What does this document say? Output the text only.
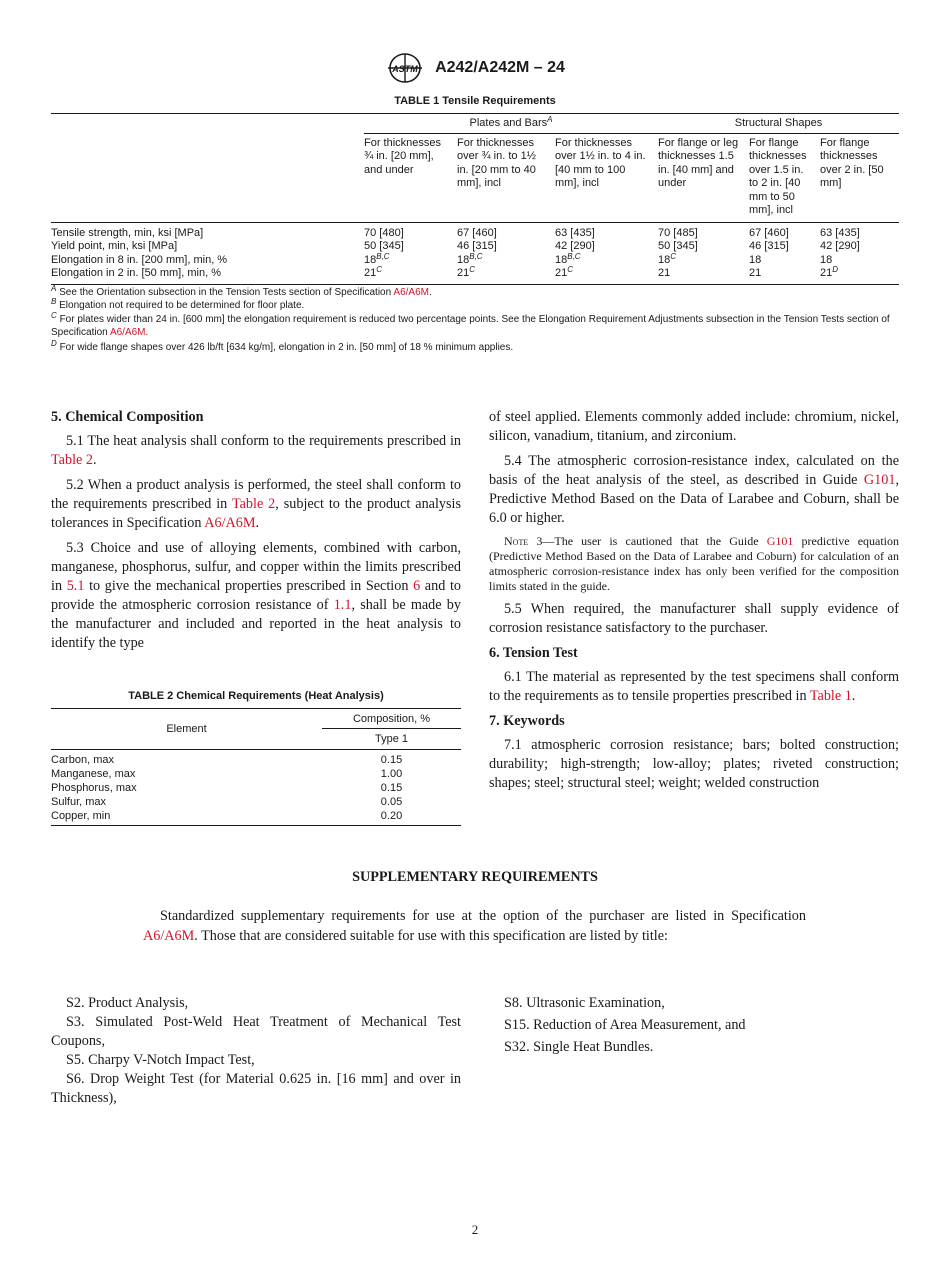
ASTM A242/A242M – 24
TABLE 1 Tensile Requirements
	Plates and Bars$^A$			Structural Shapes		
	For thicknesses ¾ in. [20 mm], and under	For thicknesses over ¾ in. to 1½ in. [20 mm to 40 mm], incl	For thicknesses over 1½ in. to 4 in. [40 mm to 100 mm], incl	For flange or leg thicknesses 1.5 in. [40 mm] and under	For flange thicknesses over 1.5 in. to 2 in. [40 mm to 50 mm], incl	For flange thicknesses over 2 in. [50 mm]
Tensile strength, min, ksi [MPa]	70 [480]	67 [460]	63 [435]	70 [485]	67 [460]	63 [435]
Yield point, min, ksi [MPa]	50 [345]	46 [315]	42 [290]	50 [345]	46 [315]	42 [290]
Elongation in 8 in. [200 mm], min, %	$18^{B,C}$	$18^{B,C}$	$18^{B,C}$	$18^C$	18	18
Elongation in 2 in. [50 mm], min, %	$21^C$	$21^C$	$21^C$	21	21	$21^D$
$^A$ See the Orientation subsection in the Tension Tests section of Specification A6/A6M.
$^B$ Elongation not required to be determined for floor plate.
$^C$ For plates wider than 24 in. [600 mm] the elongation requirement is reduced two percentage points. See the Elongation Requirement Adjustments subsection in the Tension Tests section of Specification A6/A6M.
$^D$ For wide flange shapes over 426 lb/ft [634 kg/m], elongation in 2 in. [50 mm] of 18 % minimum applies.
5. Chemical Composition

5.1 The heat analysis shall conform to the requirements prescribed in Table 2.

5.2 When a product analysis is performed, the steel shall conform to the requirements prescribed in Table 2, subject to the product analysis tolerances in Specification A6/A6M.

5.3 Choice and use of alloying elements, combined with carbon, manganese, phosphorus, sulfur, and copper within the limits prescribed in 5.1 to give the mechanical properties prescribed in Section 6 and to provide the atmospheric corrosion resistance of 1.1, shall be made by the manufacturer and included and reported in the heat analysis to identify the type

TABLE 2 Chemical Requirements (Heat Analysis)
Element	Composition, %
	Type 1
Carbon, max	0.15
Manganese, max	1.00
Phosphorus, max	0.15
Sulfur, max	0.05
Copper, min	0.20

of steel applied. Elements commonly added include: chromium, nickel, silicon, vanadium, titanium, and zirconium.

5.4 The atmospheric corrosion-resistance index, calculated on the basis of the heat analysis of the steel, as described in Guide G101, Predictive Method Based on the Data of Larabee and Coburn, shall be 6.0 or higher.

Note 3—The user is cautioned that the Guide G101 predictive equation (Predictive Method Based on the Data of Larabee and Coburn) for calculation of an atmospheric corrosion-resistance index has only been verified for the composition limits stated in the guide.

5.5 When required, the manufacturer shall supply evidence of corrosion resistance satisfactory to the purchaser.

6. Tension Test

6.1 The material as represented by the test specimens shall conform to the requirements as to tensile properties prescribed in Table 1.

7. Keywords

7.1 atmospheric corrosion resistance; bars; bolted construction; durability; high-strength; low-alloy; plates; riveted construction; shapes; steel; structural steel; weight; welded construction

SUPPLEMENTARY REQUIREMENTS

Standardized supplementary requirements for use at the option of the purchaser are listed in Specification A6/A6M. Those that are considered suitable for use with this specification are listed by title:

S2. Product Analysis,
S3. Simulated Post-Weld Heat Treatment of Mechanical Test Coupons,
S5. Charpy V-Notch Impact Test,
S6. Drop Weight Test (for Material 0.625 in. [16 mm] and over in Thickness),
S8. Ultrasonic Examination,
S15. Reduction of Area Measurement, and
S32. Single Heat Bundles.
2
